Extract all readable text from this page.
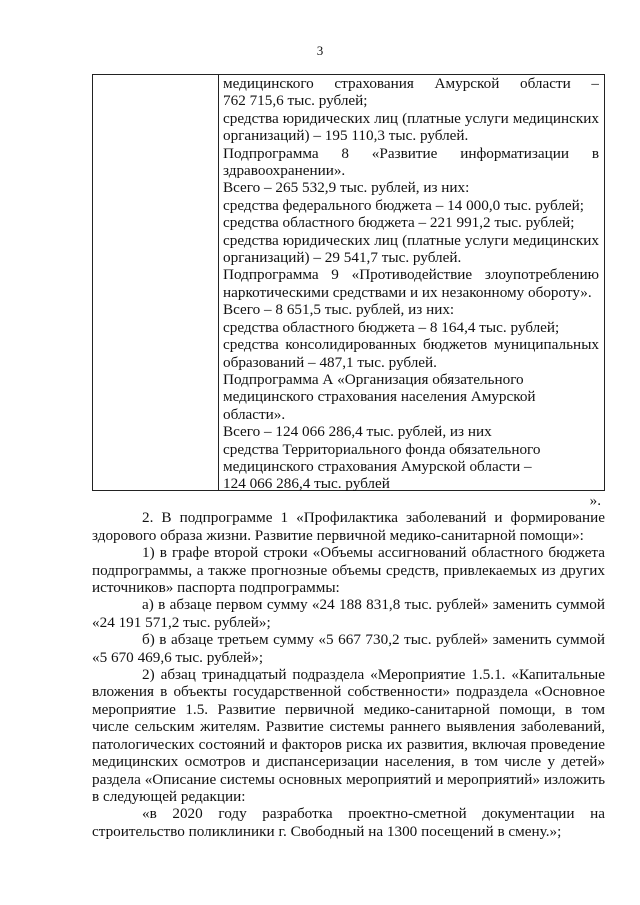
3
медицинского страхования Амурской области –
762 715,6 тыс. рублей;
средства юридических лиц (платные услуги медицинских
организаций) – 195 110,3 тыс. рублей.
Подпрограмма 8 «Развитие информатизации в
здравоохранении».
Всего – 265 532,9 тыс. рублей, из них:
средства федерального бюджета – 14 000,0 тыс. рублей;
средства областного бюджета – 221 991,2 тыс. рублей;
средства юридических лиц (платные услуги медицинских
организаций) – 29 541,7 тыс. рублей.
Подпрограмма 9 «Противодействие злоупотреблению
наркотическими средствами и их незаконному обороту».
Всего – 8 651,5 тыс. рублей, из них:
средства областного бюджета – 8 164,4 тыс. рублей;
средства консолидированных бюджетов муниципальных
образований – 487,1 тыс. рублей.
Подпрограмма А «Организация обязательного
медицинского страхования населения Амурской
области».
Всего – 124 066 286,4 тыс. рублей, из них
средства Территориального фонда обязательного
медицинского страхования Амурской области –
124 066 286,4 тыс. рублей

».

2. В подпрограмме 1 «Профилактика заболеваний и формирование здорового образа жизни. Развитие первичной медико-санитарной помощи»:

1) в графе второй строки «Объемы ассигнований областного бюджета подпрограммы, а также прогнозные объемы средств, привлекаемых из других источников» паспорта подпрограммы:

а) в абзаце первом сумму «24 188 831,8 тыс. рублей» заменить суммой «24 191 571,2 тыс. рублей»;

б) в абзаце третьем сумму «5 667 730,2 тыс. рублей» заменить суммой «5 670 469,6 тыс. рублей»;

2) абзац тринадцатый подраздела «Мероприятие 1.5.1. «Капитальные вложения в объекты государственной собственности» подраздела «Основное мероприятие 1.5. Развитие первичной медико-санитарной помощи, в том числе сельским жителям. Развитие системы раннего выявления заболеваний, патологических состояний и факторов риска их развития, включая проведение медицинских осмотров и диспансеризации населения, в том числе у детей» раздела «Описание системы основных мероприятий и мероприятий» изложить в следующей редакции:

«в 2020 году разработка проектно-сметной документации на строительство поликлиники г. Свободный на 1300 посещений в смену.»;
